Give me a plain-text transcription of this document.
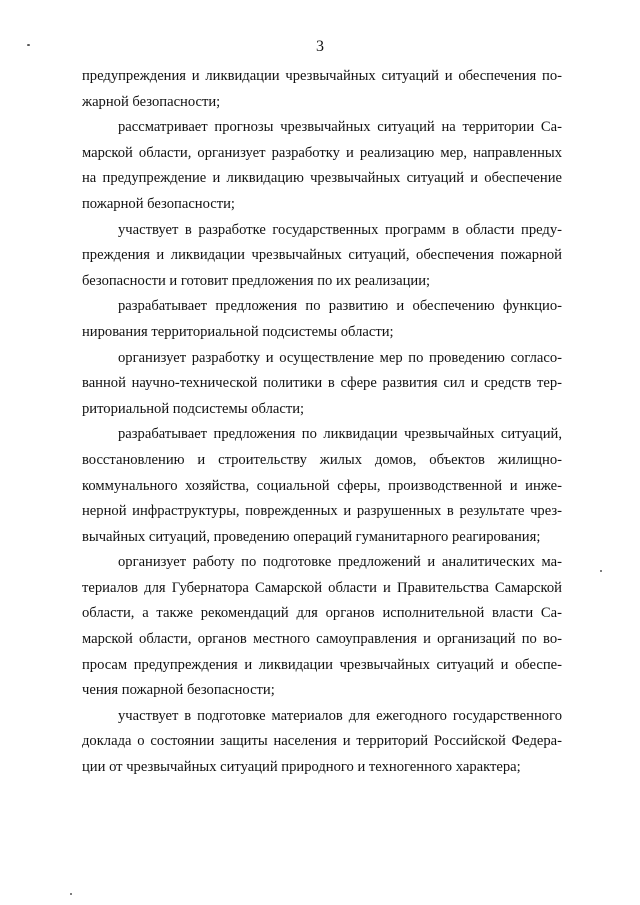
3
предупреждения и ликвидации чрезвычайных ситуаций и обеспечения по-
жарной безопасности;
рассматривает прогнозы чрезвычайных ситуаций на территории Са-
марской области, организует разработку и реализацию мер, направленных
на предупреждение и ликвидацию чрезвычайных ситуаций и обеспечение
пожарной безопасности;
участвует в разработке государственных программ в области преду-
преждения и ликвидации чрезвычайных ситуаций, обеспечения пожарной
безопасности и готовит предложения по их реализации;
разрабатывает предложения по развитию и обеспечению функцио-
нирования территориальной подсистемы области;
организует разработку и осуществление мер по проведению согласо-
ванной научно-технической политики в сфере развития сил и средств тер-
риториальной подсистемы области;
разрабатывает предложения по ликвидации чрезвычайных ситуаций,
восстановлению и строительству жилых домов, объектов жилищно-
коммунального хозяйства, социальной сферы, производственной и инже-
нерной инфраструктуры, поврежденных и разрушенных в результате чрез-
вычайных ситуаций, проведению операций гуманитарного реагирования;
организует работу по подготовке предложений и аналитических ма-
териалов для Губернатора Самарской области и Правительства Самарской
области, а также рекомендаций для органов исполнительной власти Са-
марской области, органов местного самоуправления и организаций по во-
просам предупреждения и ликвидации чрезвычайных ситуаций и обеспе-
чения пожарной безопасности;
участвует в подготовке материалов для ежегодного государственного
доклада о состоянии защиты населения и территорий Российской Федера-
ции от чрезвычайных ситуаций природного и техногенного характера;
